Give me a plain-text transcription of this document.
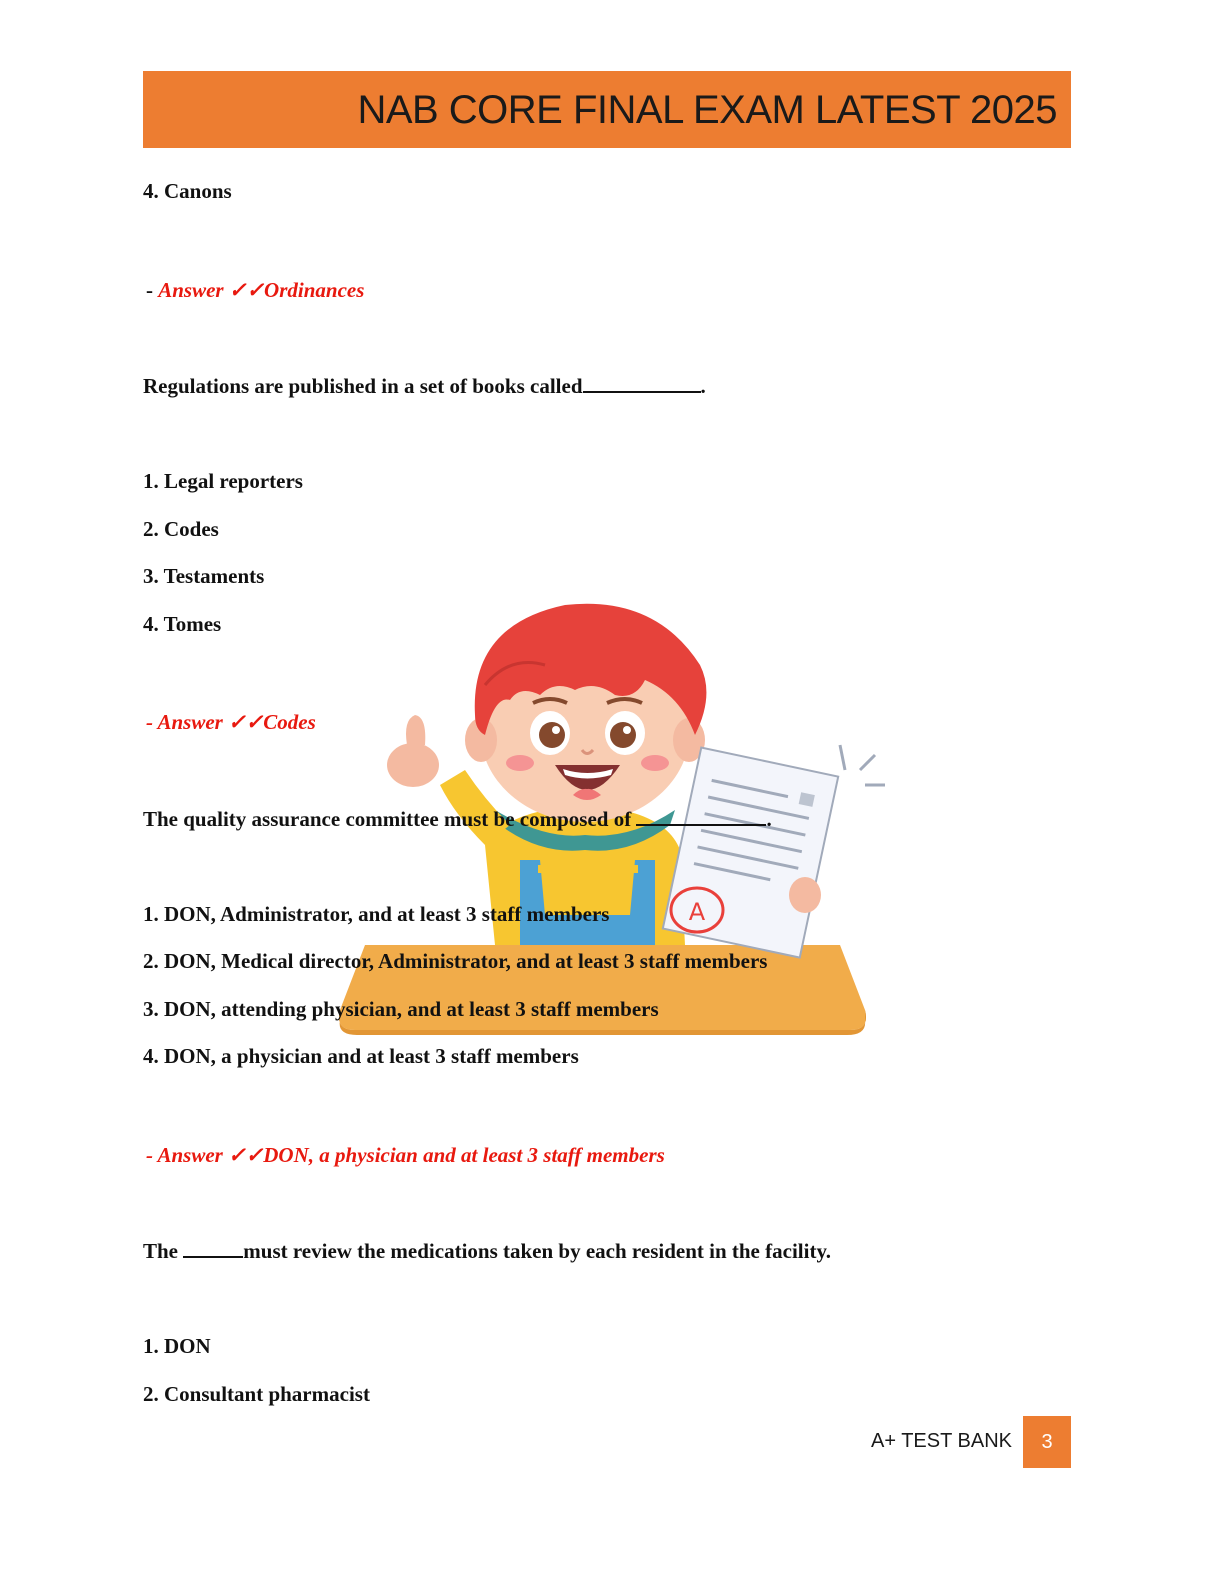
NAB CORE FINAL EXAM LATEST 2025
4. Canons
- Answer ✓✓Ordinances
Regulations are published in a set of books called	.
1. Legal reporters
2. Codes
3. Testaments
4. Tomes
- Answer ✓✓Codes
The quality assurance committee must be composed of	.
1. DON, Administrator, and at least 3 staff members
2. DON, Medical director, Administrator, and at least 3 staff members
3. DON, attending physician, and at least 3 staff members
4. DON, a physician and at least 3 staff members
- Answer ✓✓DON, a physician and at least 3 staff members
The	must review the medications taken by each resident in the facility.
1. DON
2. Consultant pharmacist
A
A+ TEST BANK	3
